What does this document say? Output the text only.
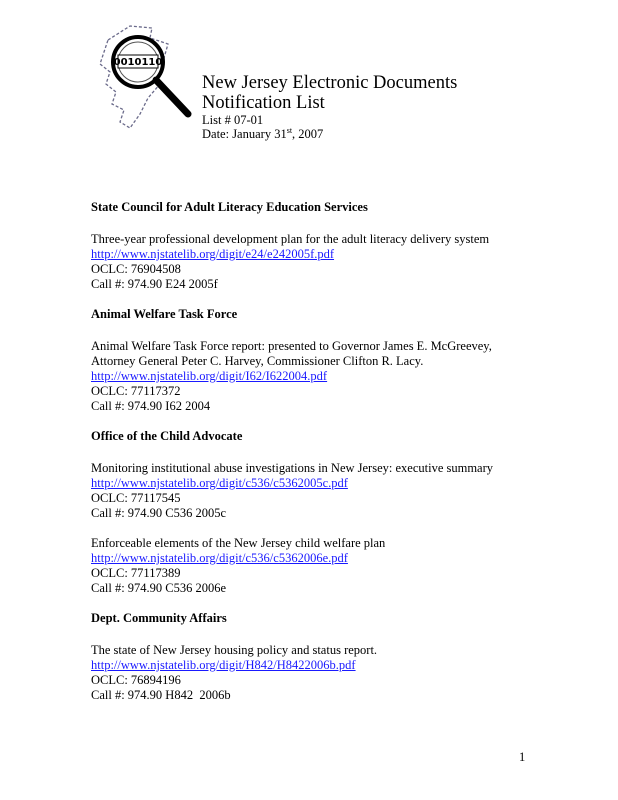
0010110
New Jersey Electronic Documents
Notification List
List # 07-01
Date: January 31st, 2007
State Council for Adult Literacy Education Services
Three-year professional development plan for the adult literacy delivery system
http://www.njstatelib.org/digit/e24/e242005f.pdf
OCLC: 76904508
Call #: 974.90 E24 2005f
Animal Welfare Task Force
Animal Welfare Task Force report: presented to Governor James E. McGreevey,
Attorney General Peter C. Harvey, Commissioner Clifton R. Lacy.
http://www.njstatelib.org/digit/I62/I622004.pdf
OCLC: 77117372
Call #: 974.90 I62 2004
Office of the Child Advocate
Monitoring institutional abuse investigations in New Jersey: executive summary
http://www.njstatelib.org/digit/c536/c5362005c.pdf
OCLC: 77117545
Call #: 974.90 C536 2005c
Enforceable elements of the New Jersey child welfare plan
http://www.njstatelib.org/digit/c536/c5362006e.pdf
OCLC: 77117389
Call #: 974.90 C536 2006e
Dept. Community Affairs
The state of New Jersey housing policy and status report.
http://www.njstatelib.org/digit/H842/H8422006b.pdf
OCLC: 76894196
Call #: 974.90 H842  2006b
1
